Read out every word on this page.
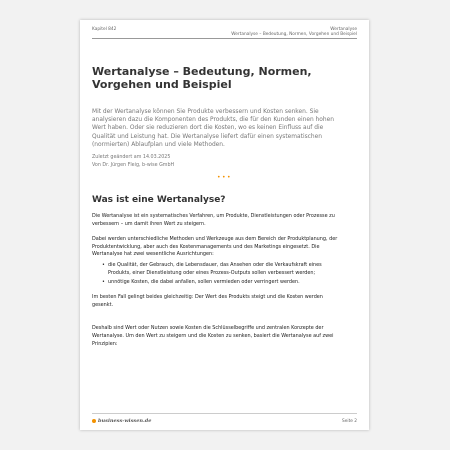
Kapitel 842	Wertanalyse
Wertanalyse – Bedeutung, Normen, Vorgehen und Beispiel
Wertanalyse – Bedeutung, Normen, Vorgehen und Beispiel
Mit der Wertanalyse können Sie Produkte verbessern und Kosten senken. Sie analysieren dazu die Komponenten des Produkts, die für den Kunden einen hohen Wert haben. Oder sie reduzieren dort die Kosten, wo es keinen Einfluss auf die Qualität und Leistung hat. Die Wertanalyse liefert dafür einen systematischen (normierten) Ablaufplan und viele Methoden.
Zuletzt geändert am 14.03.2025
Von Dr. Jürgen Fleig, b-wise GmbH
•••
Was ist eine Wertanalyse?

Die Wertanalyse ist ein systematisches Verfahren, um Produkte, Dienstleistungen oder Prozesse zu verbessern – um damit ihren Wert zu steigern.

Dabei werden unterschiedliche Methoden und Werkzeuge aus dem Bereich der Produktplanung, der Produktentwicklung, aber auch des Kostenmanagements und des Marketings eingesetzt. Die Wertanalyse hat zwei wesentliche Ausrichtungen:

• die Qualität, der Gebrauch, die Lebensdauer, das Ansehen oder die Verkaufskraft eines Produkts, einer Dienstleistung oder eines Prozess-Outputs sollen verbessert werden;
• unnötige Kosten, die dabei anfallen, sollen vermieden oder verringert werden.

Im besten Fall gelingt beides gleichzeitig: Der Wert des Produkts steigt und die Kosten werden gesenkt.

Deshalb sind Wert oder Nutzen sowie Kosten die Schlüsselbegriffe und zentralen Konzepte der Wertanalyse. Um den Wert zu steigern und die Kosten zu senken, basiert die Wertanalyse auf zwei Prinzipien:

business-wissen.de	Seite 2
